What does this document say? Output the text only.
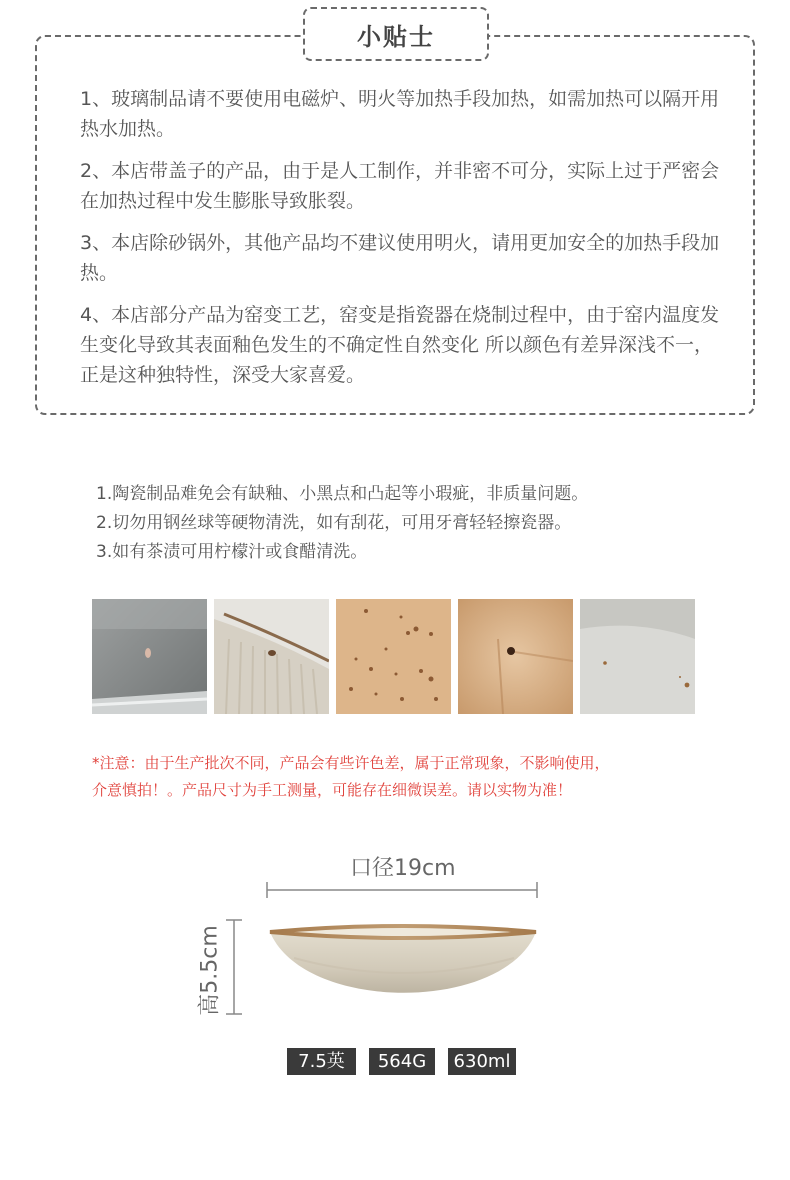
小贴士

1、玻璃制品请不要使用电磁炉、明火等加热手段加热，如需加热可以隔开用热水加热。

2、本店带盖子的产品，由于是人工制作，并非密不可分，实际上过于严密会在加热过程中发生膨胀导致胀裂。

3、本店除砂锅外，其他产品均不建议使用明火，请用更加安全的加热手段加热。

4、本店部分产品为窑变工艺，窑变是指瓷器在烧制过程中，由于窑内温度发生变化导致其表面釉色发生的不确定性自然变化 所以颜色有差异深浅不一，正是这种独特性，深受大家喜爱。

1.陶瓷制品难免会有缺釉、小黑点和凸起等小瑕疵，非质量问题。
2.切勿用钢丝球等硬物清洗，如有刮花，可用牙膏轻轻擦瓷器。
3.如有茶渍可用柠檬汁或食醋清洗。
*注意：由于生产批次不同，产品会有些许色差，属于正常现象，不影响使用，
介意慎拍！。产品尺寸为手工测量，可能存在细微误差。请以实物为准！
口径19cm
高5.5cm
7.5英寸
564G	630ml
